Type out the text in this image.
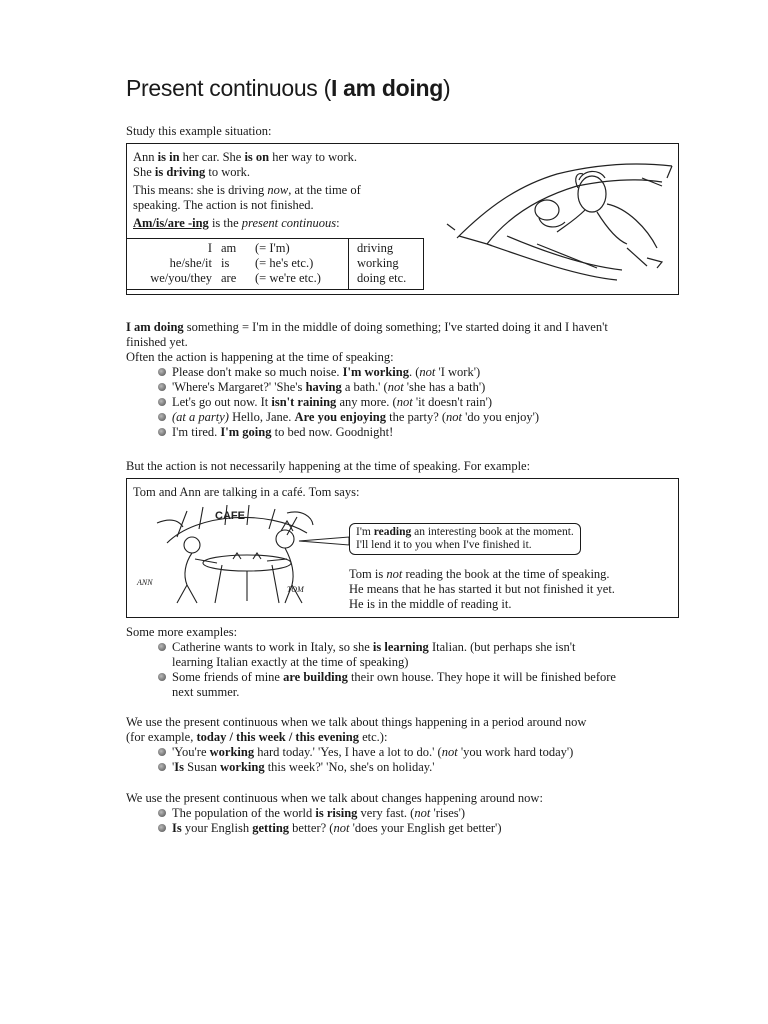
Present continuous (I am doing)
Study this example situation:
Ann is in her car. She is on her way to work.
She is driving to work.
This means: she is driving now, at the time of
speaking. The action is not finished.
Am/is/are -ing is the present continuous:
I
he/she/it
we/you/they
am
is
are
(= I'm)
(= he's etc.)
(= we're etc.)
driving
working
doing etc.
I am doing something = I'm in the middle of doing something; I've started doing it and I haven't
finished yet.
Often the action is happening at the time of speaking:
Please don't make so much noise. I'm working. (not 'I work')
'Where's Margaret?' 'She's having a bath.' (not 'she has a bath')
Let's go out now. It isn't raining any more. (not 'it doesn't rain')
(at a party) Hello, Jane. Are you enjoying the party? (not 'do you enjoy')
I'm tired. I'm going to bed now. Goodnight!
But the action is not necessarily happening at the time of speaking. For example:
Tom and Ann are talking in a café. Tom says:
CAFE
ANN
TOM
I'm reading an interesting book at the moment.
I'll lend it to you when I've finished it.
Tom is not reading the book at the time of speaking.
He means that he has started it but not finished it yet.
He is in the middle of reading it.
Some more examples:
Catherine wants to work in Italy, so she is learning Italian. (but perhaps she isn't
learning Italian exactly at the time of speaking)
Some friends of mine are building their own house. They hope it will be finished before
next summer.
We use the present continuous when we talk about things happening in a period around now
(for example, today / this week / this evening etc.):
'You're working hard today.' 'Yes, I have a lot to do.' (not 'you work hard today')
'Is Susan working this week?' 'No, she's on holiday.'
We use the present continuous when we talk about changes happening around now:
The population of the world is rising very fast. (not 'rises')
Is your English getting better? (not 'does your English get better')
